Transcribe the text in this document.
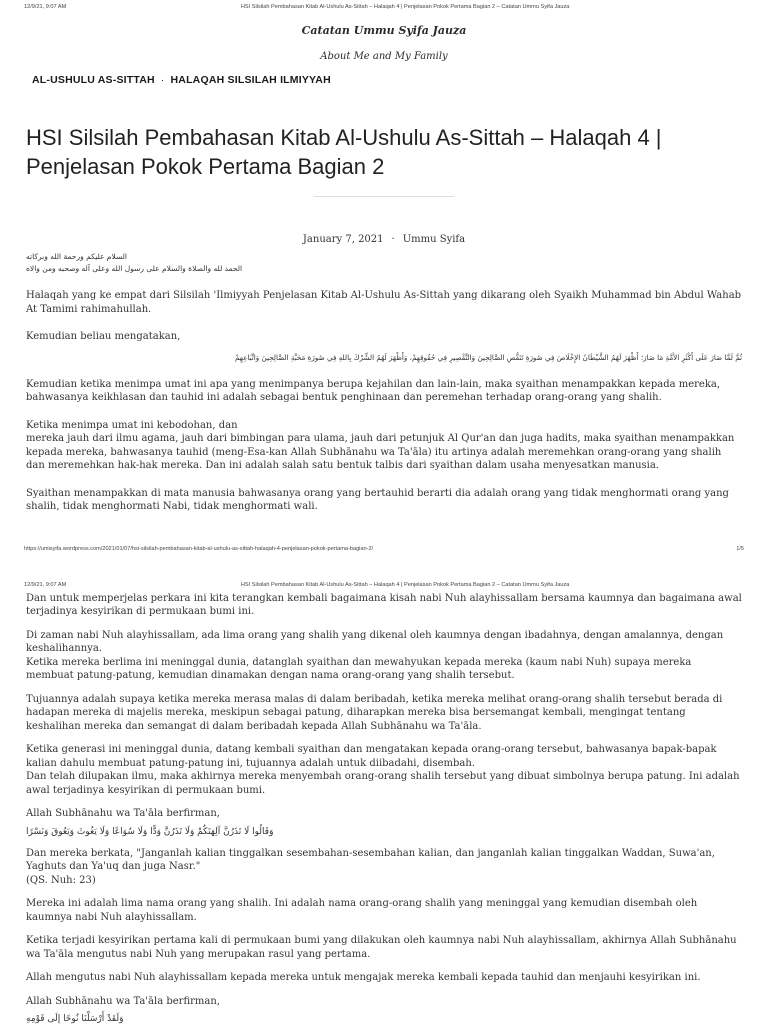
12/9/21, 9:07 AM	HSI Silsilah Pembahasan Kitab Al-Ushulu As-Sittah – Halaqah 4 | Penjelasan Pokok Pertama Bagian 2 – Catatan Ummu Syifa Jauza
Catatan Ummu Syifa Jauza
About Me and My Family
AL-USHULU AS-SITTAH · HALAQAH SILSILAH ILMIYYAH
HSI Silsilah Pembahasan Kitab Al-Ushulu As-Sittah – Halaqah 4 | Penjelasan Pokok Pertama Bagian 2
January 7, 2021 · Ummu Syifa
السلام عليكم ورحمة الله وبركاته
الحمد لله والصلاة والسلام على رسول الله وعلى آله وصحبه ومن والاه

Halaqah yang ke empat dari Silsilah 'Ilmiyyah Penjelasan Kitab Al-Ushulu As-Sittah yang dikarang oleh Syaikh Muhammad bin Abdul Wahab At Tamimi rahimahullah.

Kemudian beliau mengatakan,

ثُمَّ لَمَّا صَارَ عَلَى أَكْثَرِ الأُمَّةِ مَا صَارَ؛ أَظْهَرَ لَهُمُ الشَّيْطَانُ الإِخْلَاصَ فِي صُورَةِ تَنَقُّصِ الصَّالِحِينَ وَالتَّقْصِيرِ فِي حُقُوقِهِمْ، وَأَظْهَرَ لَهُمُ الشِّرْكَ بِاللهِ فِي صُورَةِ مَحَبَّةِ الصَّالِحِينَ وَاتِّبَاعِهِمْ

Kemudian ketika menimpa umat ini apa yang menimpanya berupa kejahilan dan lain-lain, maka syaithan menampakkan kepada mereka, bahwasanya keikhlasan dan tauhid ini adalah sebagai bentuk penghinaan dan peremehan terhadap orang-orang yang shalih.

Ketika menimpa umat ini kebodohan, dan

mereka jauh dari ilmu agama, jauh dari bimbingan para ulama, jauh dari petunjuk Al Qur'an dan juga hadits, maka syaithan menampakkan kepada mereka, bahwasanya tauhid (meng-Esa-kan Allah Subhānahu wa Ta'āla) itu artinya adalah meremehkan orang-orang yang shalih dan meremehkan hak-hak mereka. Dan ini adalah salah satu bentuk talbis dari syaithan dalam usaha menyesatkan manusia.

Syaithan menampakkan di mata manusia bahwasanya orang yang bertauhid berarti dia adalah orang yang tidak menghormati orang yang shalih, tidak menghormati Nabi, tidak menghormati wali.

https://umisyifa.wordpress.com/2021/01/07/hsi-silsilah-pembahasan-kitab-al-ushulu-as-sittah-halaqah-4-penjelasan-pokok-pertama-bagian-2/	1/5
12/9/21, 9:07 AM	HSI Silsilah Pembahasan Kitab Al-Ushulu As-Sittah – Halaqah 4 | Penjelasan Pokok Pertama Bagian 2 – Catatan Ummu Syifa Jauza

Dan untuk memperjelas perkara ini kita terangkan kembali bagaimana kisah nabi Nuh alayhissallam bersama kaumnya dan bagaimana awal terjadinya kesyirikan di permukaan bumi ini.

Di zaman nabi Nuh alayhissallam, ada lima orang yang shalih yang dikenal oleh kaumnya dengan ibadahnya, dengan amalannya, dengan keshalihannya.

Ketika mereka berlima ini meninggal dunia, datanglah syaithan dan mewahyukan kepada mereka (kaum nabi Nuh) supaya mereka membuat patung-patung, kemudian dinamakan dengan nama orang-orang yang shalih tersebut.

Tujuannya adalah supaya ketika mereka merasa malas di dalam beribadah, ketika mereka melihat orang-orang shalih tersebut berada di hadapan mereka di majelis mereka, meskipun sebagai patung, diharapkan mereka bisa bersemangat kembali, mengingat tentang keshalihan mereka dan semangat di dalam beribadah kepada Allah Subhānahu wa Ta'āla.

Ketika generasi ini meninggal dunia, datang kembali syaithan dan mengatakan kepada orang-orang tersebut, bahwasanya bapak-bapak kalian dahulu membuat patung-patung ini, tujuannya adalah untuk diibadahi, disembah.

Dan telah dilupakan ilmu, maka akhirnya mereka menyembah orang-orang shalih tersebut yang dibuat simbolnya berupa patung. Ini adalah awal terjadinya kesyirikan di permukaan bumi.

Allah Subhānahu wa Ta'āla berfirman,

وَقَالُوا لَا تَذَرُنَّ آلِهَتَكُمْ وَلَا تَذَرُنَّ وَدًّا وَلَا سُوَاعًا وَلَا يَغُوثَ وَيَعُوقَ وَنَسْرًا

Dan mereka berkata, "Janganlah kalian tinggalkan sesembahan-sesembahan kalian, dan janganlah kalian tinggalkan Waddan, Suwa'an, Yaghuts dan Ya'uq dan juga Nasr."

(QS. Nuh: 23)

Mereka ini adalah lima nama orang yang shalih. Ini adalah nama orang-orang shalih yang meninggal yang kemudian disembah oleh kaumnya nabi Nuh alayhissallam.

Ketika terjadi kesyirikan pertama kali di permukaan bumi yang dilakukan oleh kaumnya nabi Nuh alayhissallam, akhirnya Allah Subhānahu wa Ta'āla mengutus nabi Nuh yang merupakan rasul yang pertama.

Allah mengutus nabi Nuh alayhissallam kepada mereka untuk mengajak mereka kembali kepada tauhid dan menjauhi kesyirikan ini.

Allah Subhānahu wa Ta'āla berfirman,

وَلَقَدْ أَرْسَلْنَا نُوحًا إِلَى قَوْمِهِ
